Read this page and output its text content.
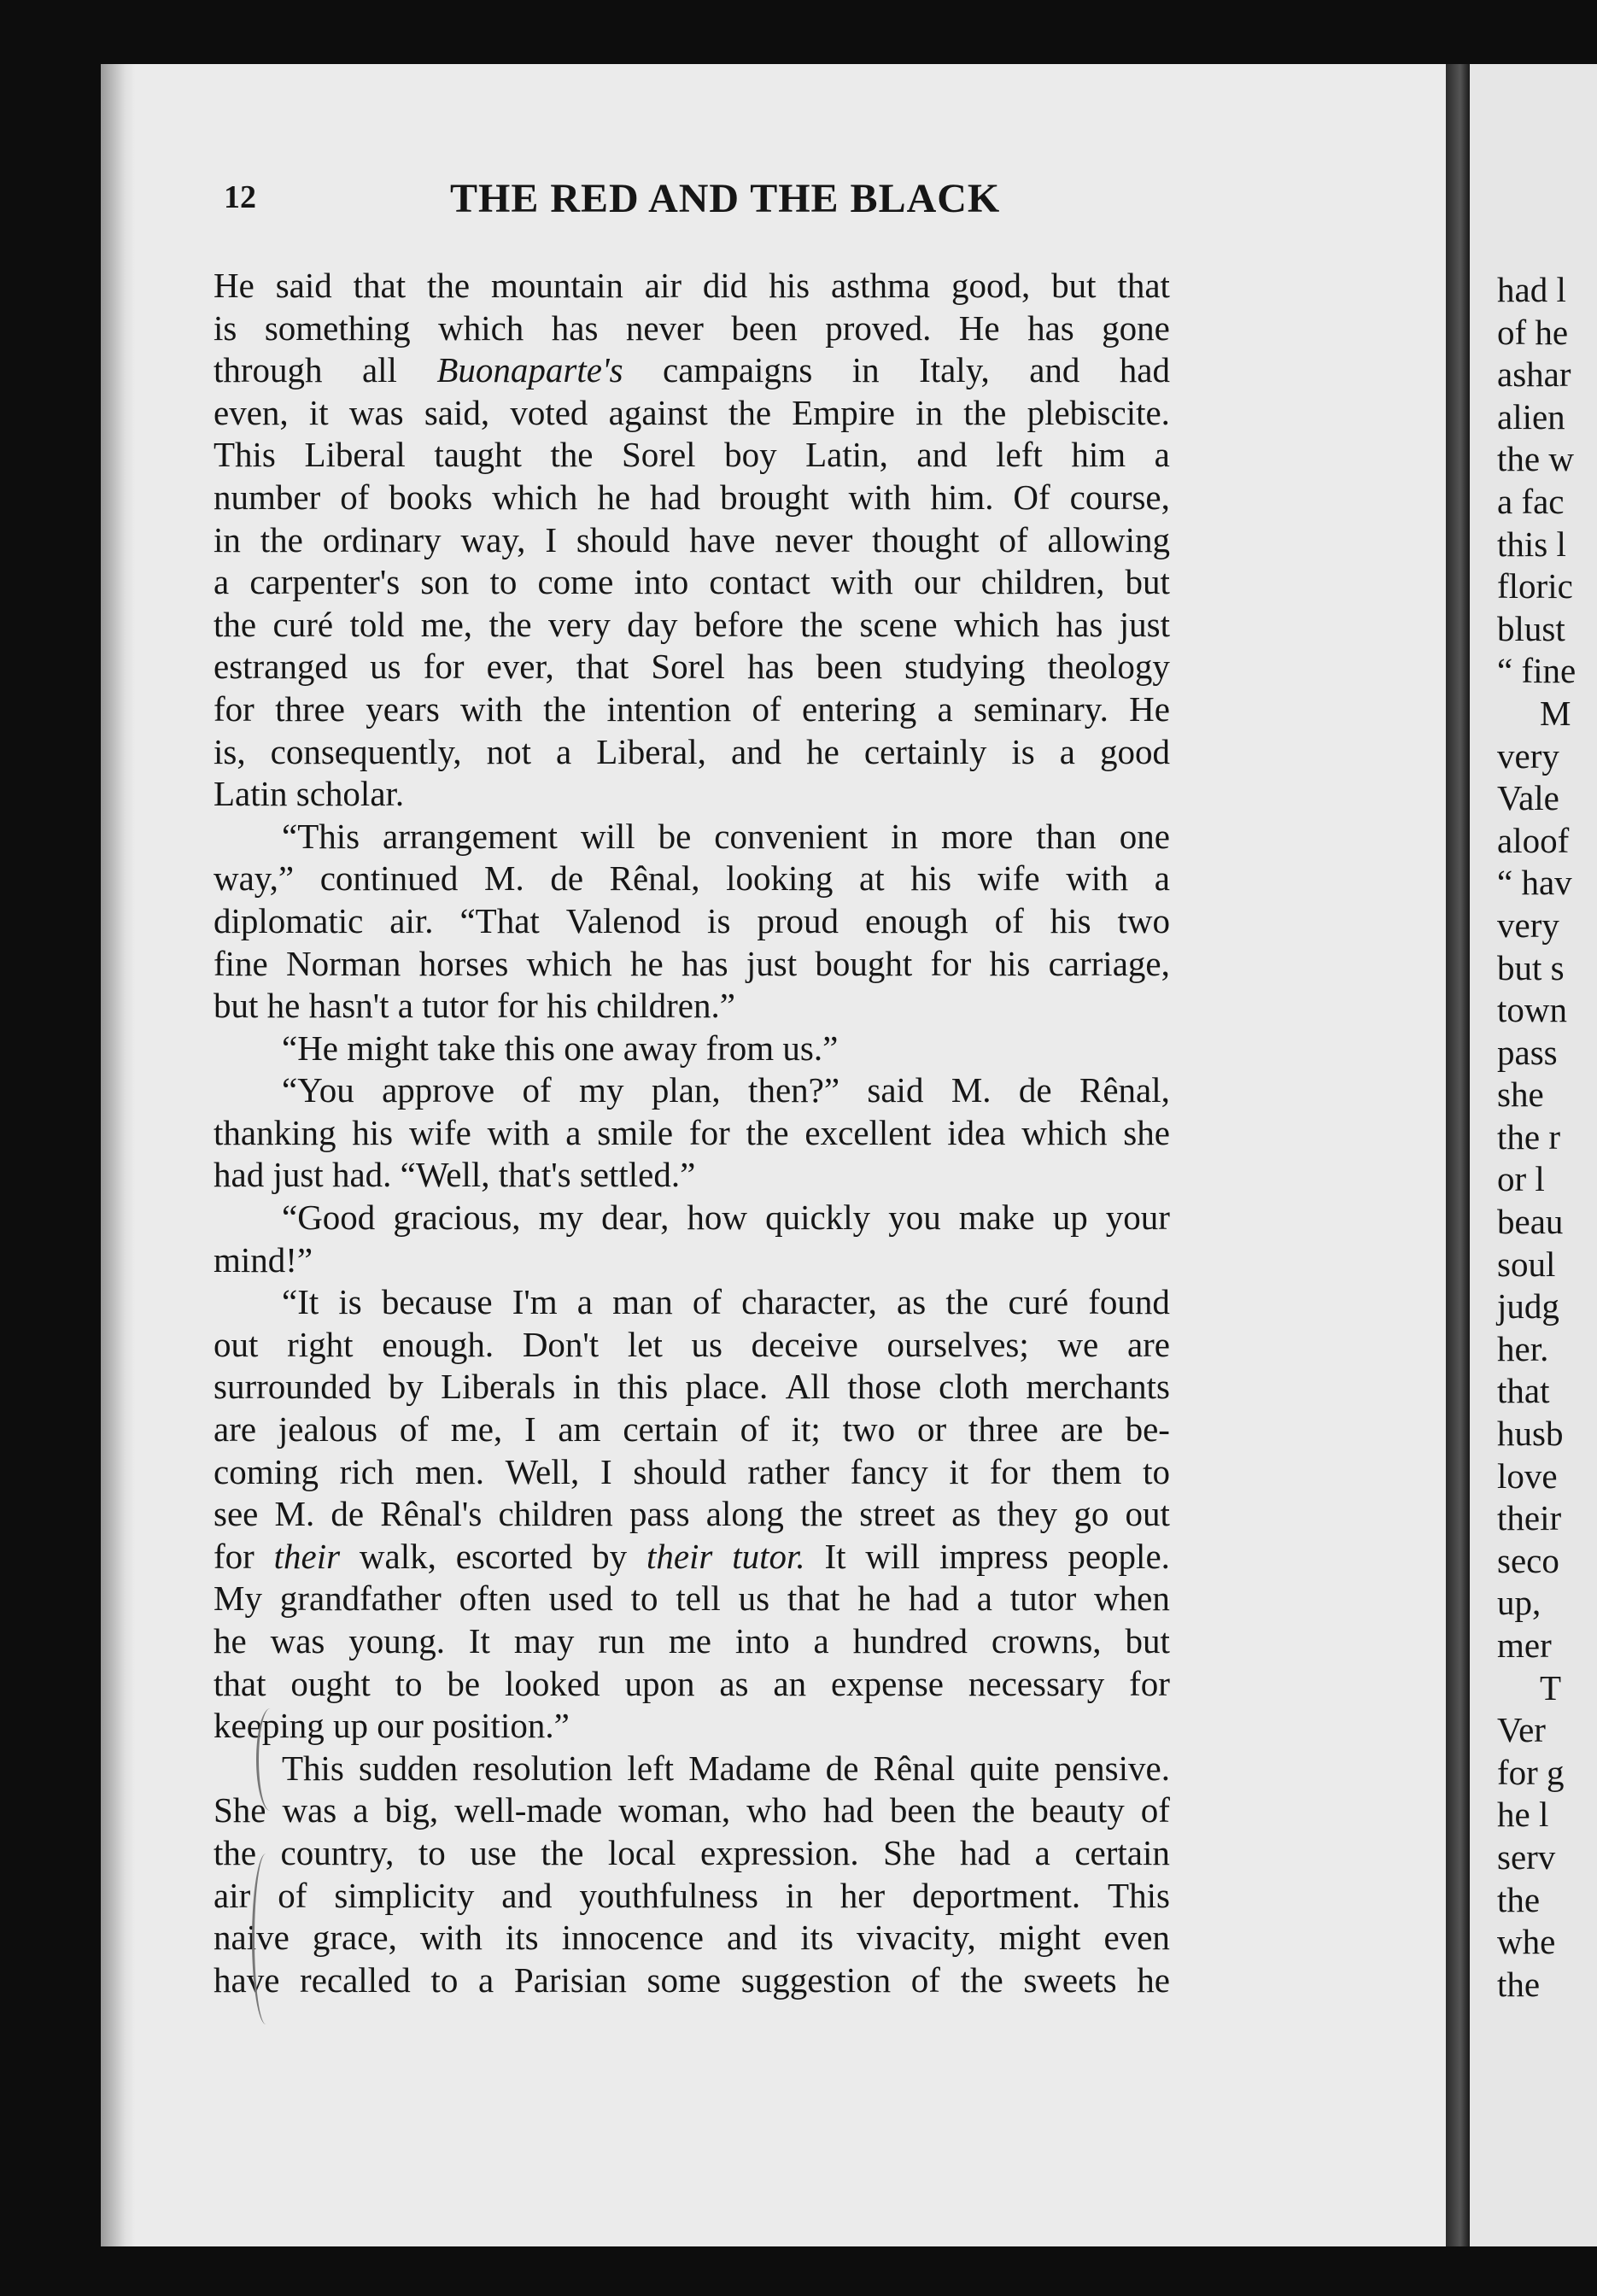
had l
of he
ashar
alien
the w
a fac
this l
floric
blust
“ fine
M
very
Vale
aloof
“ hav
very
but s
town
pass
she
the r
or l
beau
soul
judg
her.
that
husb
love
their
seco
up,
mer
T
Ver
for g
he l
serv
the
whe
the
12	THE RED AND THE BLACK
He said that the mountain air did his asthma good, but that
is something which has never been proved. He has gone
through all Buonaparte's campaigns in Italy, and had
even, it was said, voted against the Empire in the plebiscite.
This Liberal taught the Sorel boy Latin, and left him a
number of books which he had brought with him. Of course,
in the ordinary way, I should have never thought of allowing
a carpenter's son to come into contact with our children, but
the curé told me, the very day before the scene which has just
estranged us for ever, that Sorel has been studying theology
for three years with the intention of entering a seminary. He
is, consequently, not a Liberal, and he certainly is a good
Latin scholar.
“This arrangement will be convenient in more than one
way,” continued M. de Rênal, looking at his wife with a
diplomatic air. “That Valenod is proud enough of his two
fine Norman horses which he has just bought for his carriage,
but he hasn't a tutor for his children.”
“He might take this one away from us.”
“You approve of my plan, then?” said M. de Rênal,
thanking his wife with a smile for the excellent idea which she
had just had. “Well, that's settled.”
“Good gracious, my dear, how quickly you make up your
mind!”
“It is because I'm a man of character, as the curé found
out right enough. Don't let us deceive ourselves; we are
surrounded by Liberals in this place. All those cloth merchants
are jealous of me, I am certain of it; two or three are be-
coming rich men. Well, I should rather fancy it for them to
see M. de Rênal's children pass along the street as they go out
for their walk, escorted by their tutor. It will impress people.
My grandfather often used to tell us that he had a tutor when
he was young. It may run me into a hundred crowns, but
that ought to be looked upon as an expense necessary for
keeping up our position.”
This sudden resolution left Madame de Rênal quite pensive.
She was a big, well-made woman, who had been the beauty of
the country, to use the local expression. She had a certain
air of simplicity and youthfulness in her deportment. This
naive grace, with its innocence and its vivacity, might even
have recalled to a Parisian some suggestion of the sweets he
